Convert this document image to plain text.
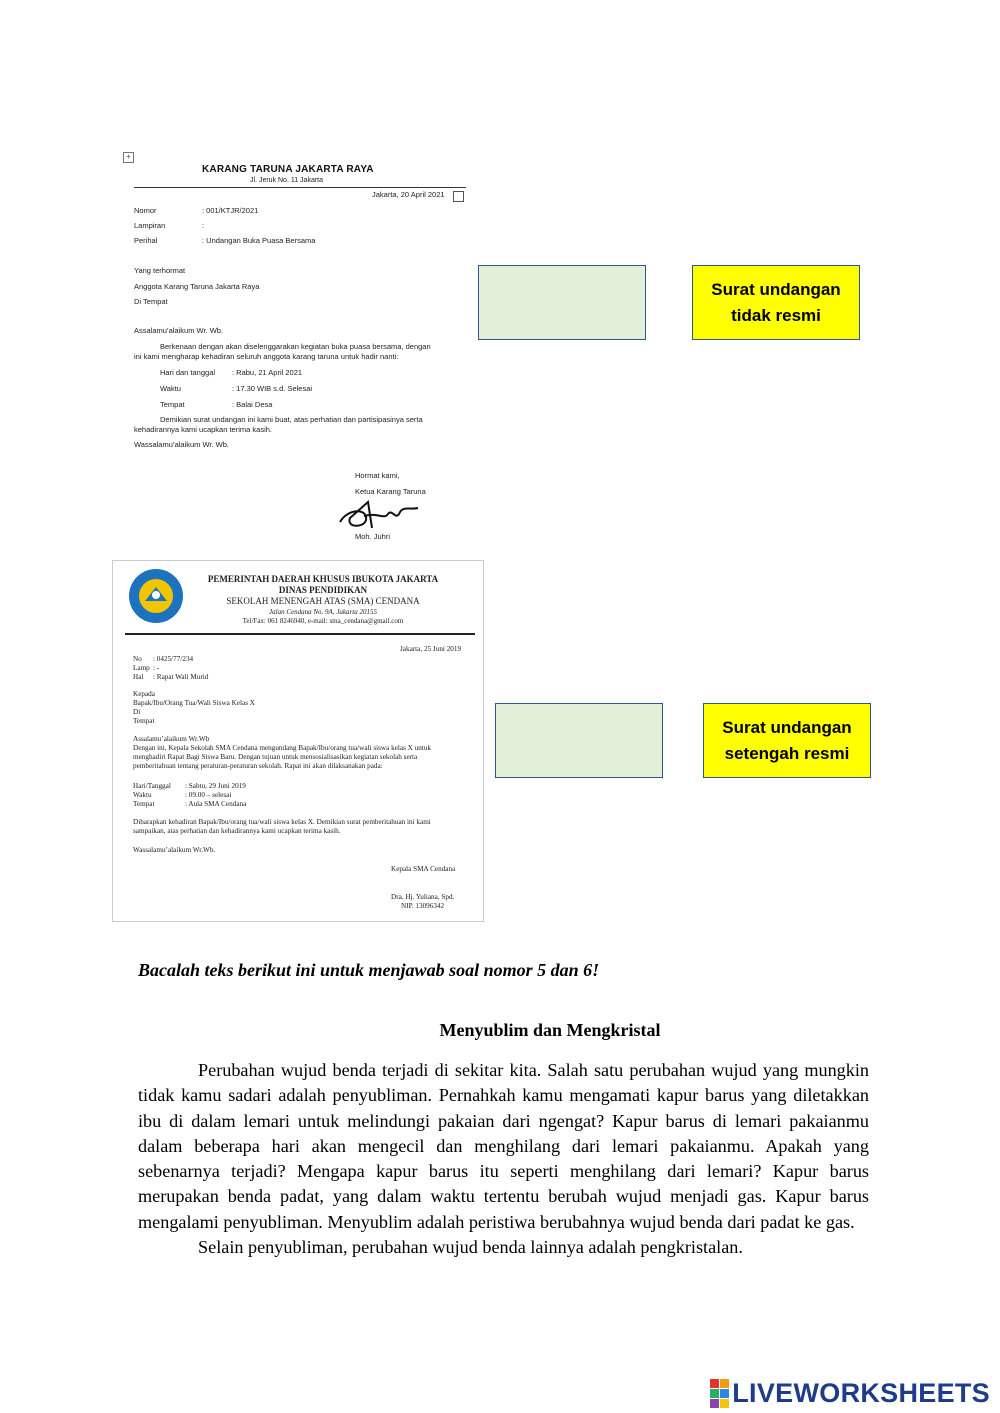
+
KARANG TARUNA JAKARTA RAYA
Jl. Jeruk No. 11 Jakarta
Jakarta, 20 April 2021
Nomor	: 001/KTJR/2021
Lampiran	:
Perihal	: Undangan Buka Puasa Bersama
Yang terhormat
Anggota Karang Taruna Jakarta Raya
Di Tempat
Assalamu’alaikum Wr. Wb.
Berkenaan dengan akan diselenggarakan kegiatan buka puasa bersama, dengan
ini kami mengharap kehadiran seluruh anggota karang taruna untuk hadir nanti:
Hari dan tanggal : Rabu, 21 April 2021
Waktu	: 17.30 WIB s.d. Selesai
Tempat	: Balai Desa
Demikian surat undangan ini kami buat, atas perhatian dan partisipasinya serta
kehadirannya kami ucapkan terima kasih.
Wassalamu’alaikum Wr. Wb.
Hormat kami,
Ketua Karang Taruna
Moh. Juhri
PEMERINTAH DAERAH KHUSUS IBUKOTA JAKARTA
DINAS PENDIDIKAN
SEKOLAH MENENGAH ATAS (SMA) CENDANA
Jalan Cendana No. 9A, Jakarta 20155
Tel/Fax: 061 8246940, e-mail: sma_cendana@gmail.com
Jakarta, 25 Juni 2019
No : 0425/77/234
Lamp : -
Hal : Rapat Wali Murid
Kepada
Bapak/Ibu/Orang Tua/Wali Siswa Kelas X
Di
Tempat
Assalamu’alaikum Wr.Wb
Dengan ini, Kepala Sekolah SMA Cendana mengundang Bapak/Ibu/orang tua/wali siswa kelas X untuk
menghadiri Rapat Bagi Siswa Baru. Dengan tujuan untuk mensosialisasikan kegiatan sekolah serta
pemberitahuan tentang peraturan-peraturan sekolah. Rapat ini akan dilaksanakan pada:
Hari/Tanggal : Sabtu, 29 Juni 2019
Waktu	: 09.00 – selesai
Tempat	: Aula SMA Cendana
Diharapkan kehadiran Bapak/Ibu/orang tua/wali siswa kelas X. Demikian surat pemberitahuan ini kami
sampaikan, atas perhatian dan kehadirannya kami ucapkan terima kasih.
Wassalamu’alaikum Wr.Wb.
Kepala SMA Cendana
Dra. Hj. Yuliana, Spd.
NIP. 13096342
Surat undangan
tidak resmi
Surat undangan
setengah resmi
Bacalah teks berikut ini untuk menjawab soal nomor 5 dan 6!
Menyublim dan Mengkristal

Perubahan wujud benda terjadi di sekitar kita. Salah satu perubahan wujud yang mungkin tidak kamu sadari adalah penyubliman. Pernahkah kamu mengamati kapur barus yang diletakkan ibu di dalam lemari untuk melindungi pakaian dari ngengat? Kapur barus di lemari pakaianmu dalam beberapa hari akan mengecil dan menghilang dari lemari pakaianmu. Apakah yang sebenarnya terjadi? Mengapa kapur barus itu seperti menghilang dari lemari? Kapur barus merupakan benda padat, yang dalam waktu tertentu berubah wujud menjadi gas. Kapur barus mengalami penyubliman. Menyublim adalah peristiwa berubahnya wujud benda dari padat ke gas.

Selain penyubliman, perubahan wujud benda lainnya adalah pengkristalan.

LIVEWORKSHEETS
